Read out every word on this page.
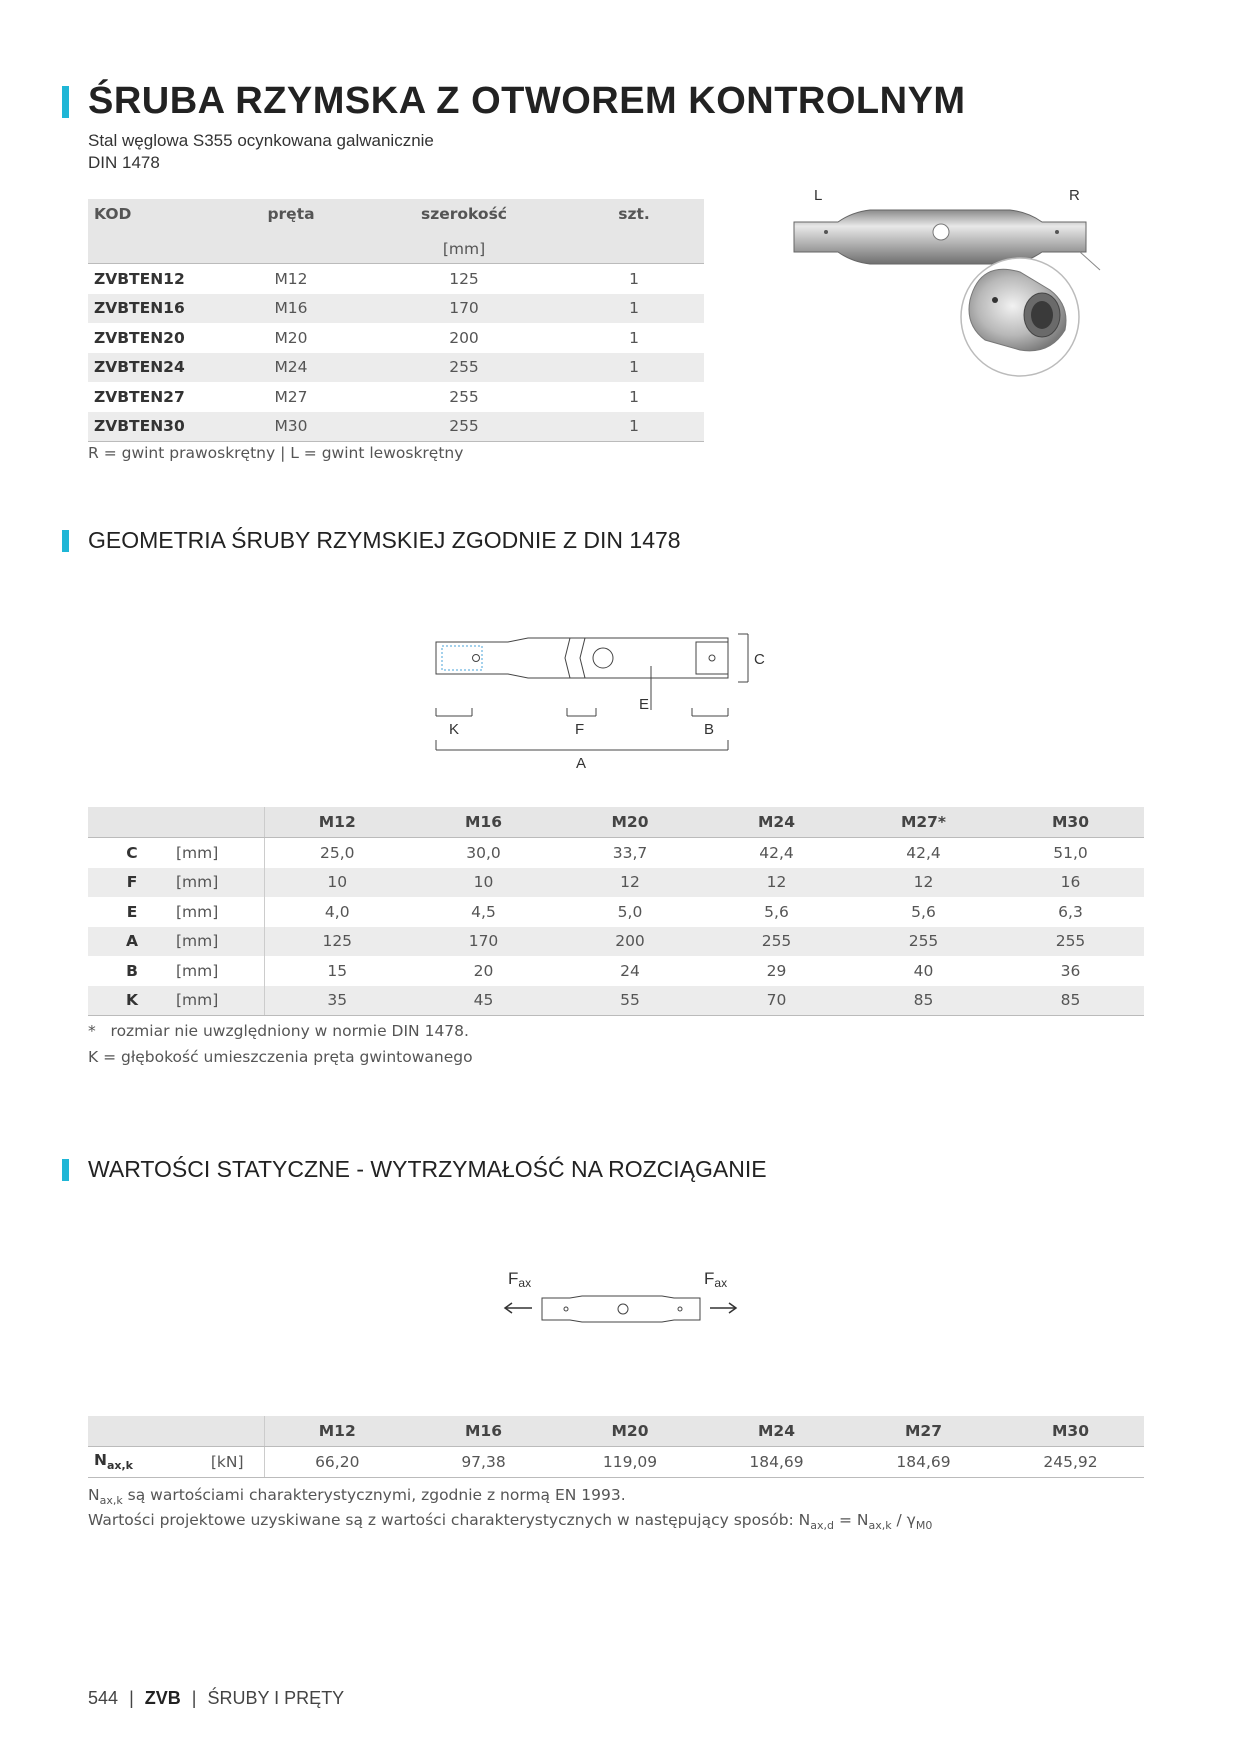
ŚRUBA RZYMSKA Z OTWOREM KONTROLNYM
Stal węglowa S355 ocynkowana galwanicznie
DIN 1478
KOD	pręta	szerokość	szt.
		[mm]	
ZVBTEN12	M12	125	1
ZVBTEN16	M16	170	1
ZVBTEN20	M20	200	1
ZVBTEN24	M24	255	1
ZVBTEN27	M27	255	1
ZVBTEN30	M30	255	1
R = gwint prawoskrętny | L = gwint lewoskrętny
L	R
GEOMETRIA ŚRUBY RZYMSKIEJ ZGODNIE Z DIN 1478
C
E
K	F	B
A
		M12	M16	M20	M24	M27*	M30
C	[mm]	25,0	30,0	33,7	42,4	42,4	51,0
F	[mm]	10	10	12	12	12	16
E	[mm]	4,0	4,5	5,0	5,6	5,6	6,3
A	[mm]	125	170	200	255	255	255
B	[mm]	15	20	24	29	40	36
K	[mm]	35	45	55	70	85	85
* rozmiar nie uwzględniony w normie DIN 1478.
K = głębokość umieszczenia pręta gwintowanego
WARTOŚCI STATYCZNE - WYTRZYMAŁOŚĆ NA ROZCIĄGANIE
Fax	Fax
		M12	M16	M20	M24	M27	M30
$N_{ax,k}$	[kN]	66,20	97,38	119,09	184,69	184,69	245,92
$N_{ax,k}$ są wartościami charakterystycznymi, zgodnie z normą EN 1993.
Wartości projektowe uzyskiwane są z wartości charakterystycznych w następujący sposób: $N_{ax,d} = N_{ax,k} / \gamma_{M0}$
544 | ZVB | ŚRUBY I PRĘTY
